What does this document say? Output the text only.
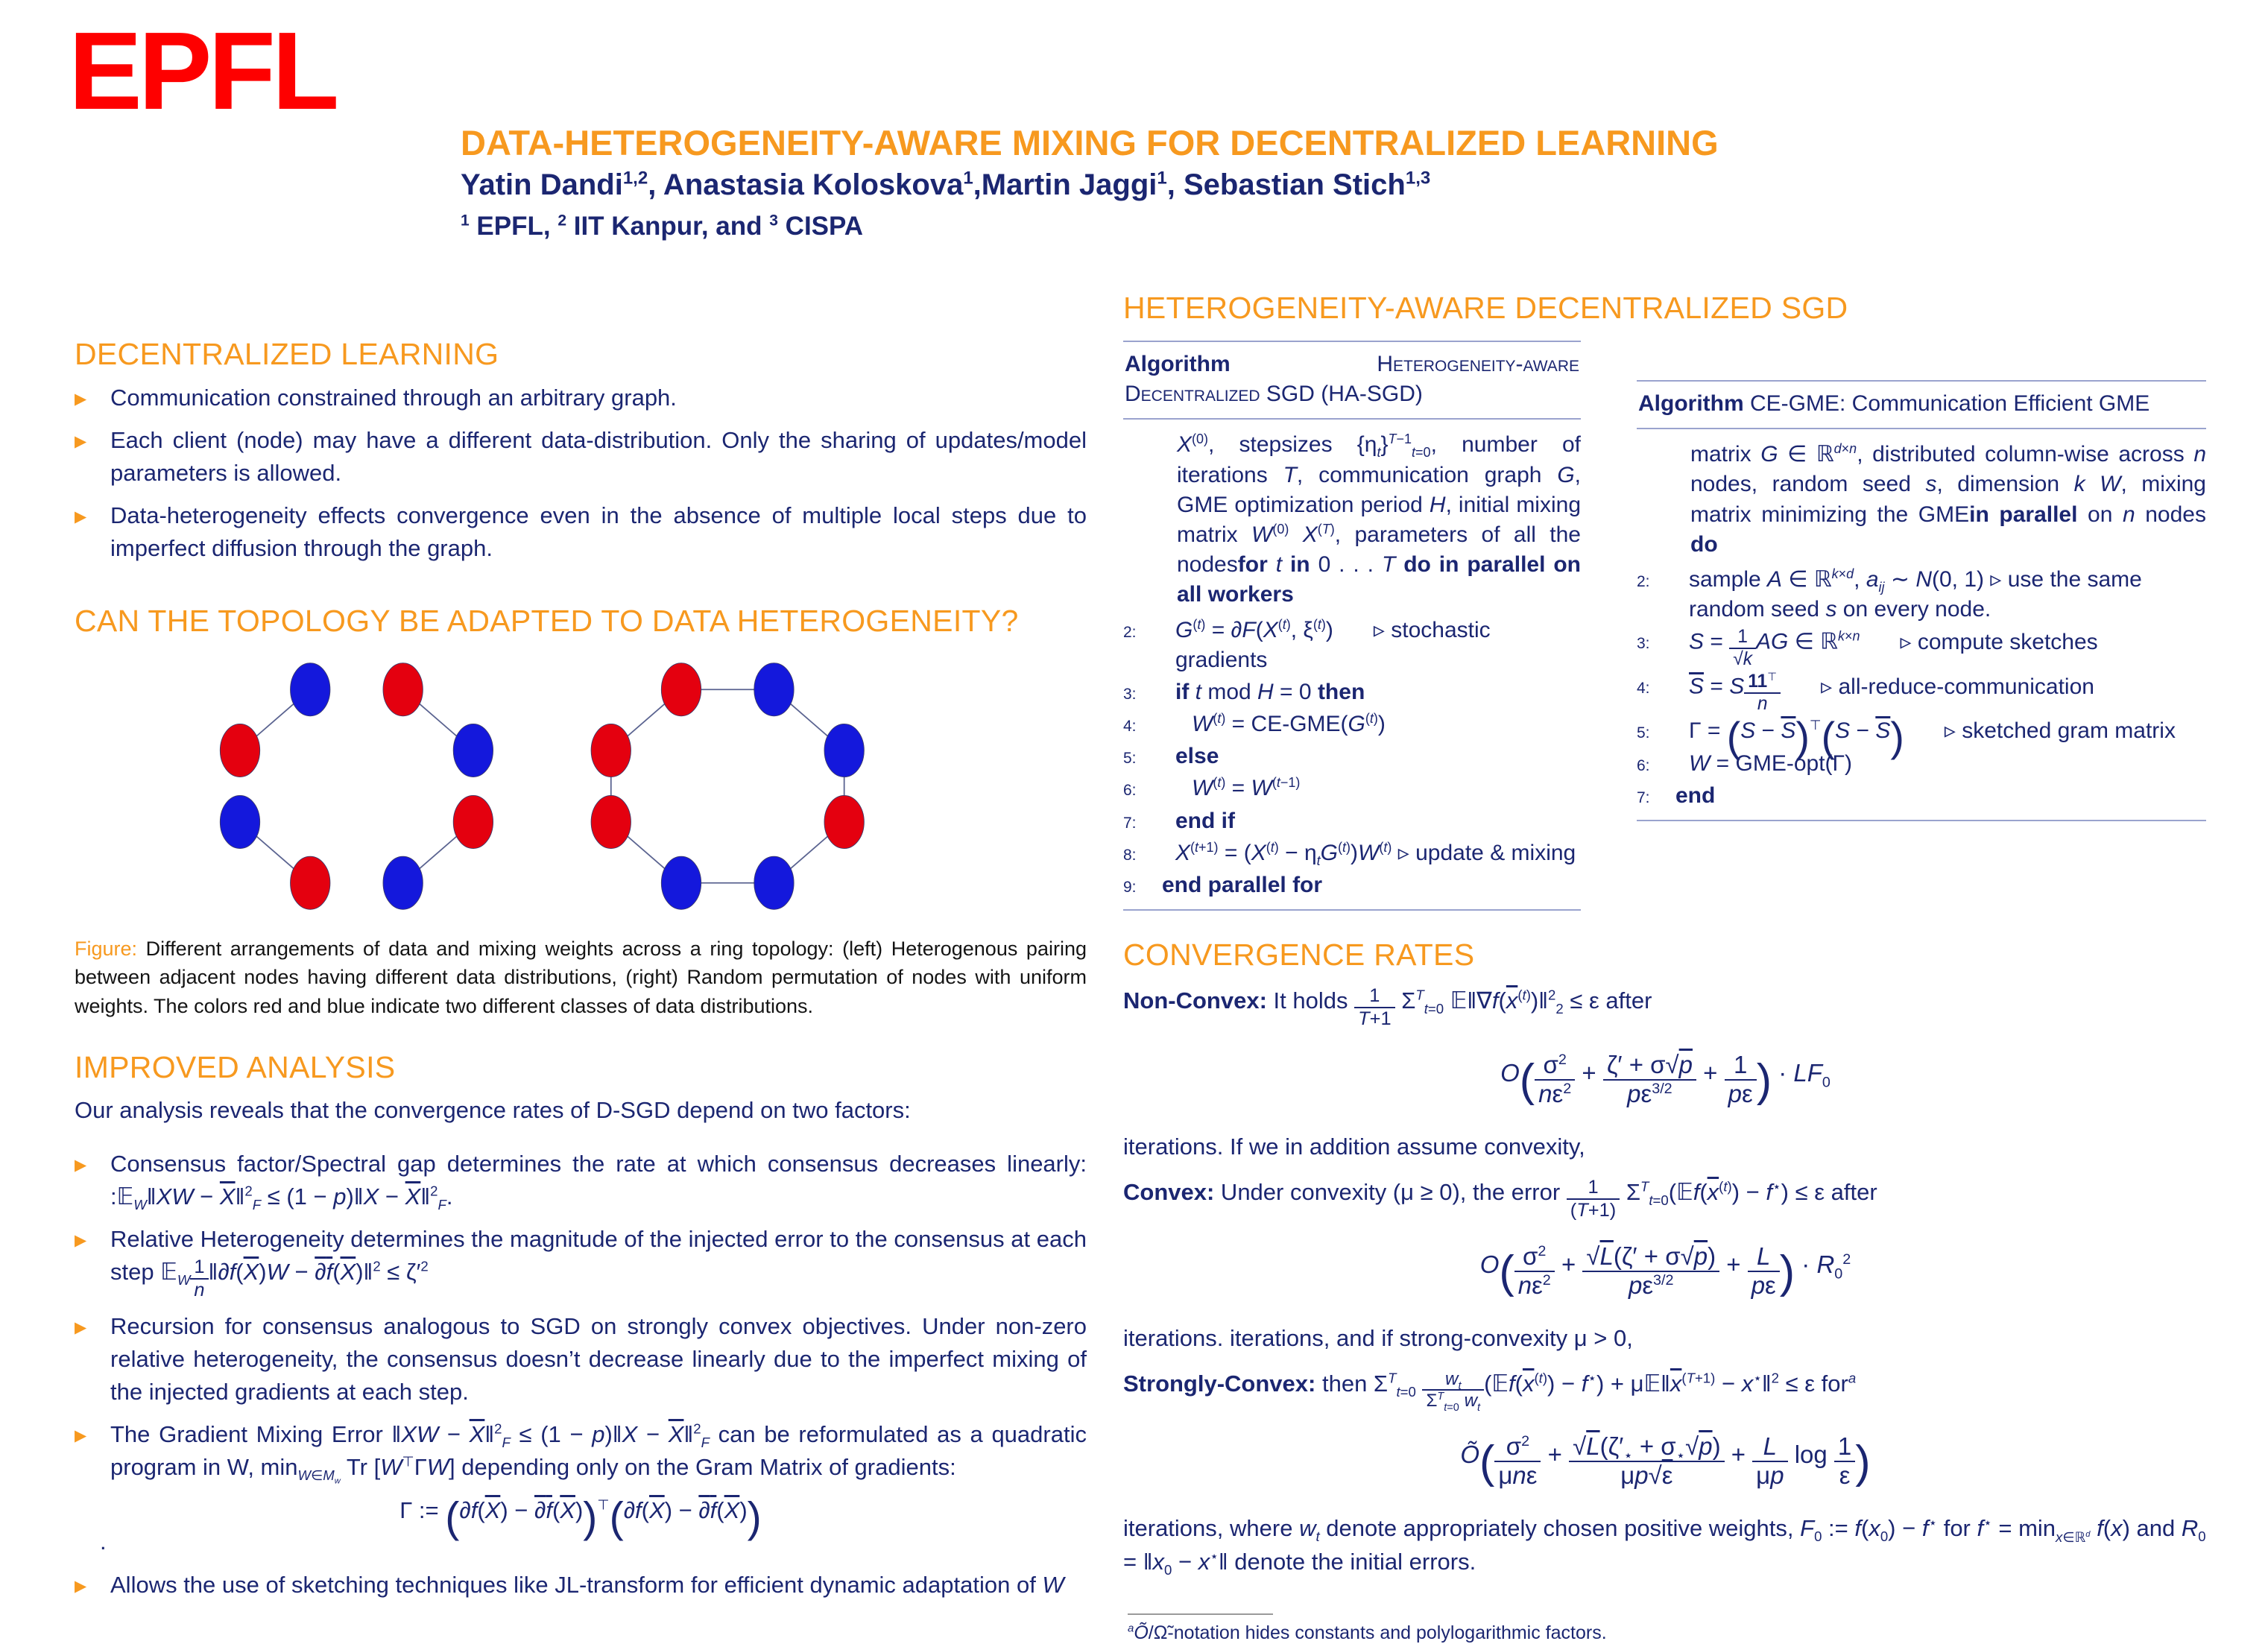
EPFL
DATA-HETEROGENEITY-AWARE MIXING FOR DECENTRALIZED LEARNING
Yatin Dandi$^{1,2}$, Anastasia Koloskova$^1$,Martin Jaggi$^1$, Sebastian Stich$^{1,3}$
$^1$ EPFL, $^2$ IIT Kanpur, and $^3$ CISPA
DECENTRALIZED LEARNING
▶ Communication constrained through an arbitrary graph.
▶ Each client (node) may have a different data-distribution. Only the sharing of updates/model parameters is allowed.
▶ Data-heterogeneity effects convergence even in the absence of multiple local steps due to imperfect diffusion through the graph.
CAN THE TOPOLOGY BE ADAPTED TO DATA HETEROGENEITY?
Figure: Different arrangements of data and mixing weights across a ring topology: (left) Heterogenous pairing between adjacent nodes having different data distributions, (right) Random permutation of nodes with uniform weights. The colors red and blue indicate two different classes of data distributions.
IMPROVED ANALYSIS
Our analysis reveals that the convergence rates of D-SGD depend on two factors:
▶ Consensus factor/Spectral gap determines the rate at which consensus decreases linearly: :𝔼$_W$‖XW − $\overline{X}‖^2_F \le (1$ − p)‖X − $\overline{X}‖^2_F$.
▶ Relative Heterogeneity determines the magnitude of the injected error to the consensus at each step 𝔼$_W$ $\frac{1}{n}$ $‖\partial f(\overline{X})W$ − $\partial f(\overline{X})‖^2 \le \zeta'^2$
▶ Recursion for consensus analogous to SGD on strongly convex objectives. Under non-zero relative heterogeneity, the consensus doesn’t decrease linearly due to the imperfect mixing of the injected gradients at each step.
▶ The Gradient Mixing Error ‖XW − $\overline{X}‖^2_F \le (1$ − p)‖X − $\overline{X}‖^2_F$ can be reformulated as a quadratic program in W, $\min_{W\in M_w} Tr$ [W⊤ΓW] depending only on the Gram Matrix of gradients:
Γ := $(\partial f(\overline{X}) - \partial f(\overline{X}))^⊤(\partial f(\overline{X}) - \partial f(\overline{X}))$
.
▶ Allows the use of sketching techniques like JL-transform for efficient dynamic adaptation of W
HETEROGENEITY-AWARE DECENTRALIZED SGD
Algorithm	Heterogeneity-aware Decentralized SGD (HA-SGD)
$X^{(0)}$, stepsizes $\{\eta_t\}^{T-1}_{t=0}$, number of iterations T, communication graph G, GME optimization period H, initial mixing matrix $W^{(0)}$ $X^{(T)}$, parameters of all the nodesfor t in 0 . . . T do in parallel on all workers
2:	$G^{(t)} = \partial F(X^{(t)}$, $\xi^{(t)}$) ▹ stochastic gradients
3:	if t mod H = 0 then
4:	$W^{(t)} = CE-GME(G^{(t)})$
5:	else
6:	$W^{(t)} = W^{(t-1)}$
7:	end if
8:	$X^{(t+1)} = (X^{(t)} - \eta_tG^{(t)})W^{(t)}$ ▹ update & mixing
9:	end parallel for
Algorithm CE-GME: Communication Efficient GME
matrix G ∈ ℝ$^{d\times n}$, distributed column-wise across n nodes, random seed s, dimension k W, mixing matrix minimizing the GMEin parallel on n nodes do
2:	sample A ∈ ℝ$^{k\times d}$, $a_{ij}$ ∼ N(0, 1) ▹ use the same random seed s on every node.
3:	$S = \frac{1}{√k}$ AG ∈ ℝ$^{k\times n}$ ▹ compute sketches
4:	$\overline{S} = S \frac{11^⊤}{n}$ ▹ all-reduce-communication
5:	$\Gamma = (S - \overline{S})^⊤(S - \overline{S})$ ▹ sketched gram matrix
6:	W = GME-opt(Γ)
7:	end
CONVERGENCE RATES
Non-Convex: It holds $\frac{1}{T+1} \Sigma^T_{t=0}$ $𝔼‖\nabla f(\overline{x}^{(t)})‖^2_2 \le \varepsilon$ after
$O( \frac{\sigma^2}{n\varepsilon^2} + \frac{\zeta' + \sigma√p}{p\varepsilon^{3/2}} + \frac{1}{p\varepsilon}$ ) · $LF_0$
iterations. If we in addition assume convexity,
Convex: Under convexity (μ ≥ 0), the error $\frac{1}{(T+1)}$ $\Sigma^T_{t=0}(𝔼f(\overline{x}^{(t)}) - f^⋆) \le \varepsilon$ after
$O( \frac{\sigma^2}{n\varepsilon^2} + \frac{√L(\zeta' + \sigma√p)}{p\varepsilon^{3/2}} + \frac{L}{p\varepsilon}$ ) · $R_0^2$
iterations. iterations, and if strong-convexity μ > 0,
Strongly-Convex: then $\Sigma^T_{t=0}$
$w_t$
$\Sigma^T_{t=0}$ $w_t$
$(𝔼f(\overline{x}^{(t)}) - f^⋆)$ + $\mu 𝔼‖\overline{x}^{(T+1)}$ − x⋆‖$^2$ ≤ ε for$^a$
Õ( $\sigma^2$
μnε
+ $\frac{√L(\zeta'_⋆ + \sigma_⋆√p)}{\mu p√\varepsilon} + \frac{L}{\mu p}$ $\log \frac{1}{\varepsilon}$ )
iterations, where $w_t$ denote appropriately chosen positive weights, $F_0$ := $f(x_0) - f^⋆$ for $f^⋆ = \min_{x\in ℝ^d} f(x)$ and $R_0$ = $‖x_0$ − x⋆‖ denote the initial errors.
$^a$Õ/Ω̃-notation hides constants and polylogarithmic factors.
